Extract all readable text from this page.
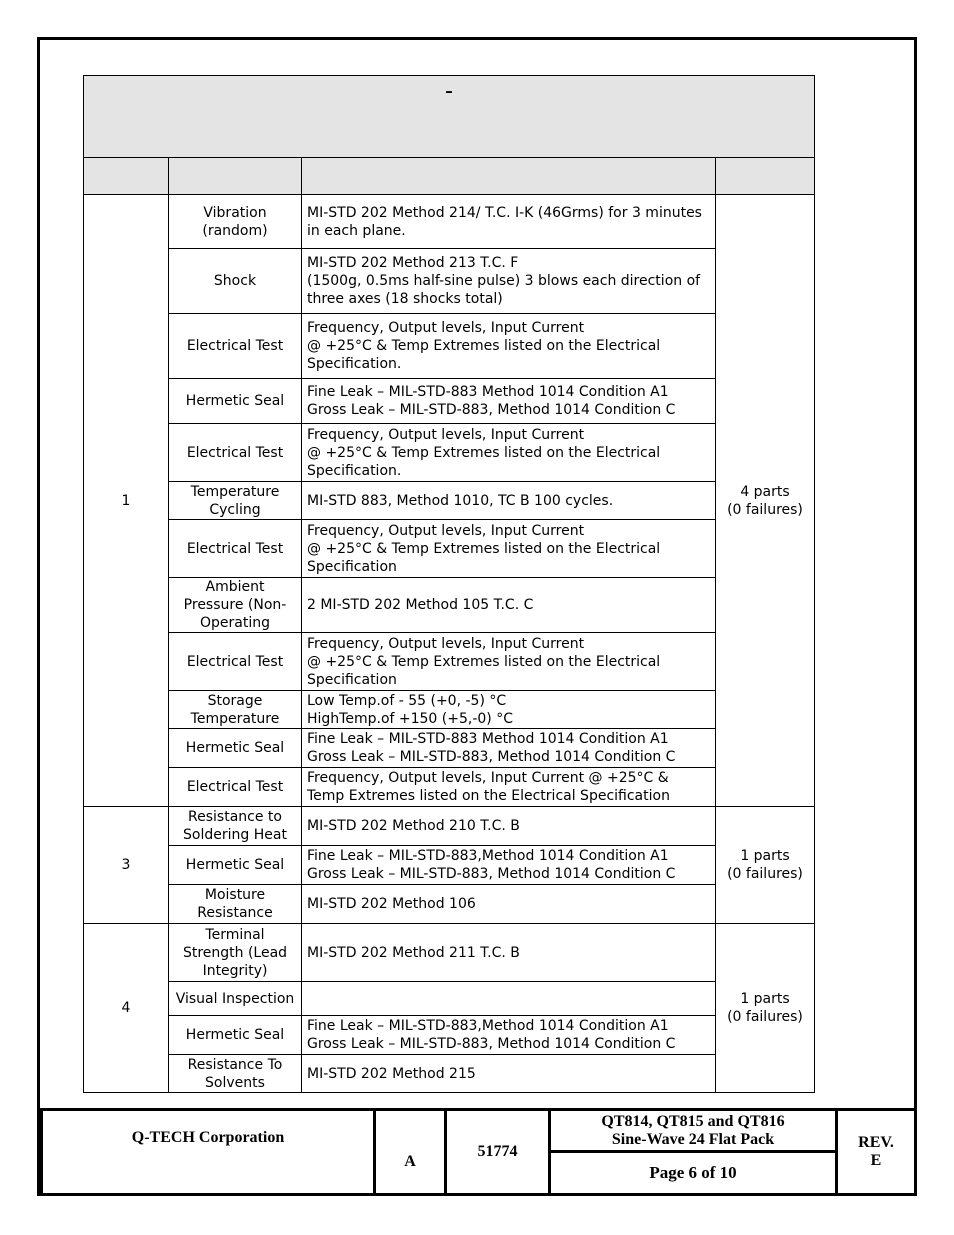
–			

1	Vibration (random)	MI-STD 202 Method 214/ T.C. I-K (46Grms) for 3 minutes in each plane.	4 parts
(0 failures)

	Shock	MI-STD 202 Method 213 T.C. F
(1500g, 0.5ms half-sine pulse) 3 blows each direction of three axes (18 shocks total)	

	Electrical Test	Frequency, Output levels, Input Current
@ +25°C & Temp Extremes listed on the Electrical Specification.	

	Hermetic Seal	Fine Leak – MIL-STD-883 Method 1014 Condition A1
Gross Leak – MIL-STD-883, Method 1014 Condition C	

	Electrical Test	Frequency, Output levels, Input Current
@ +25°C & Temp Extremes listed on the Electrical Specification.	

	Temperature Cycling	MI-STD 883, Method 1010, TC B 100 cycles.	
	Electrical Test	Frequency, Output levels, Input Current
@ +25°C & Temp Extremes listed on the Electrical Specification	

	Ambient Pressure (Non-Operating	2 MI-STD 202 Method 105 T.C. C	
	Electrical Test	Frequency, Output levels, Input Current
@ +25°C & Temp Extremes listed on the Electrical Specification	

	Storage Temperature	Low Temp.of - 55 (+0, -5) °C
HighTemp.of +150 (+5,-0) °C	

	Hermetic Seal	Fine Leak – MIL-STD-883 Method 1014 Condition A1
Gross Leak – MIL-STD-883, Method 1014 Condition C	

	Electrical Test	Frequency, Output levels, Input Current @ +25°C & Temp Extremes listed on the Electrical Specification	
3	Resistance to Soldering Heat	MI-STD 202 Method 210 T.C. B	1 parts
(0 failures)

	Hermetic Seal	Fine Leak – MIL-STD-883,Method 1014 Condition A1
Gross Leak – MIL-STD-883, Method 1014 Condition C	

	Moisture Resistance	MI-STD 202 Method 106	
4	Terminal Strength (Lead Integrity)	MI-STD 202 Method 211 T.C. B	1 parts
(0 failures)

	Visual Inspection		
	Hermetic Seal	Fine Leak – MIL-STD-883,Method 1014 Condition A1
Gross Leak – MIL-STD-883, Method 1014 Condition C	

	Resistance To Solvents	MI-STD 202 Method 215	
Q-TECH Corporation	A	51774	
QT814, QT815 and QT816
Sine-Wave 24 Flat Pack	REV.
E

Page 6 of 10
